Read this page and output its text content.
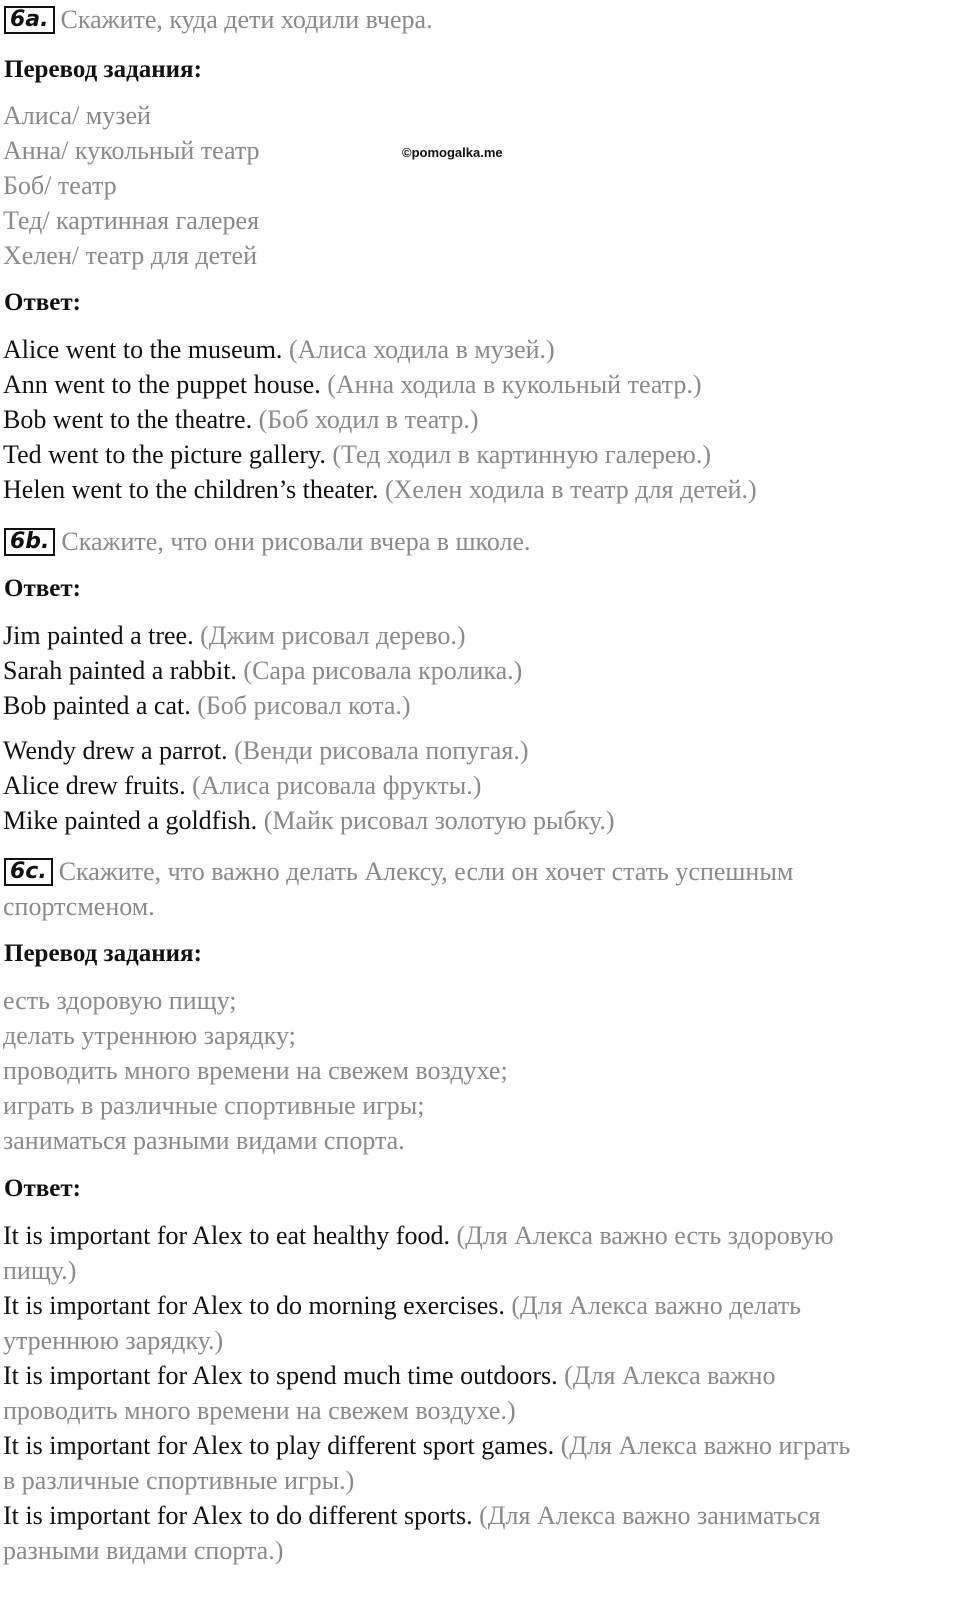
©pomogalka.me
6a. Скажите, куда дети ходили вчера.
Перевод задания:
Алиса/ музей
Анна/ кукольный театр
Боб/ театр
Тед/ картинная галерея
Хелен/ театр для детей
Ответ:
Alice went to the museum. (Алиса ходила в музей.)
Ann went to the puppet house. (Анна ходила в кукольный театр.)
Bob went to the theatre. (Боб ходил в театр.)
Ted went to the picture gallery. (Тед ходил в картинную галерею.)
Helen went to the children’s theater. (Хелен ходила в театр для детей.)
6b. Скажите, что они рисовали вчера в школе.
Ответ:
Jim painted a tree. (Джим рисовал дерево.)
Sarah painted a rabbit. (Сара рисовала кролика.)
Bob painted a cat. (Боб рисовал кота.)
Wendy drew a parrot. (Венди рисовала попугая.)
Alice drew fruits. (Алиса рисовала фрукты.)
Mike painted a goldfish. (Майк рисовал золотую рыбку.)
6c. Скажите, что важно делать Алексу, если он хочет стать успешным
спортсменом.
Перевод задания:
есть здоровую пищу;
делать утреннюю зарядку;
проводить много времени на свежем воздухе;
играть в различные спортивные игры;
заниматься разными видами спорта.
Ответ:
It is important for Alex to eat healthy food. (Для Алекса важно есть здоровую
пищу.)
It is important for Alex to do morning exercises. (Для Алекса важно делать
утреннюю зарядку.)
It is important for Alex to spend much time outdoors. (Для Алекса важно
проводить много времени на свежем воздухе.)
It is important for Alex to play different sport games. (Для Алекса важно играть
в различные спортивные игры.)
It is important for Alex to do different sports. (Для Алекса важно заниматься
разными видами спорта.)
